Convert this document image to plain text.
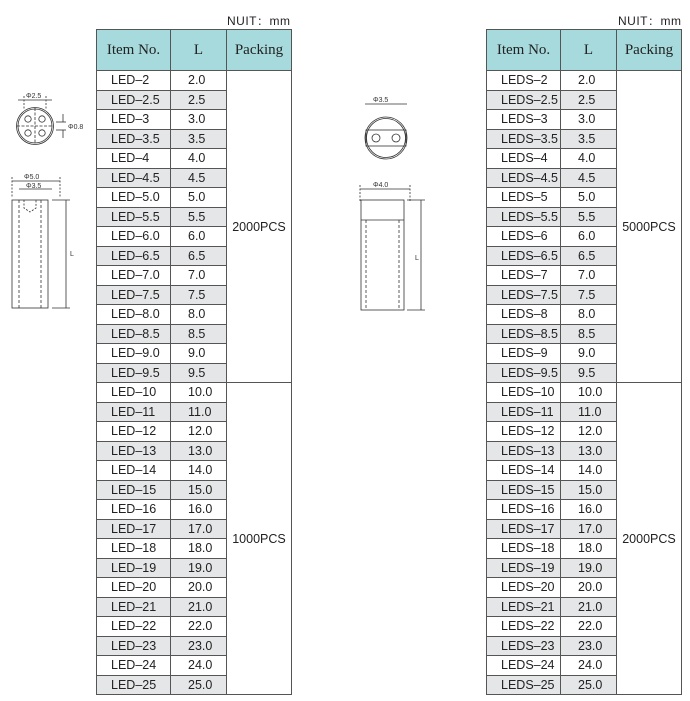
NUIT：mm	NUIT：mm
Φ2.5
Φ0.8
Φ5.0
Φ3.5
L
Φ3.5
Φ4.0
L
Item No.	L	Packing
LED–2	2.0	2000PCS
LED–2.5	2.5	
LED–3	3.0	
LED–3.5	3.5	
LED–4	4.0	
LED–4.5	4.5	
LED–5.0	5.0	
LED–5.5	5.5	
LED–6.0	6.0	
LED–6.5	6.5	
LED–7.0	7.0	
LED–7.5	7.5	
LED–8.0	8.0	
LED–8.5	8.5	
LED–9.0	9.0	
LED–9.5	9.5	
LED–10	10.0	1000PCS
LED–11	11.0	
LED–12	12.0	
LED–13	13.0	
LED–14	14.0	
LED–15	15.0	
LED–16	16.0	
LED–17	17.0	
LED–18	18.0	
LED–19	19.0	
LED–20	20.0	
LED–21	21.0	
LED–22	22.0	
LED–23	23.0	
LED–24	24.0	
LED–25	25.0	
Item No.	L	Packing
LEDS–2	2.0	5000PCS
LEDS–2.5	2.5	
LEDS–3	3.0	
LEDS–3.5	3.5	
LEDS–4	4.0	
LEDS–4.5	4.5	
LEDS–5	5.0	
LEDS–5.5	5.5	
LEDS–6	6.0	
LEDS–6.5	6.5	
LEDS–7	7.0	
LEDS–7.5	7.5	
LEDS–8	8.0	
LEDS–8.5	8.5	
LEDS–9	9.0	
LEDS–9.5	9.5	
LEDS–10	10.0	2000PCS
LEDS–11	11.0	
LEDS–12	12.0	
LEDS–13	13.0	
LEDS–14	14.0	
LEDS–15	15.0	
LEDS–16	16.0	
LEDS–17	17.0	
LEDS–18	18.0	
LEDS–19	19.0	
LEDS–20	20.0	
LEDS–21	21.0	
LEDS–22	22.0	
LEDS–23	23.0	
LEDS–24	24.0	
LEDS–25	25.0	
